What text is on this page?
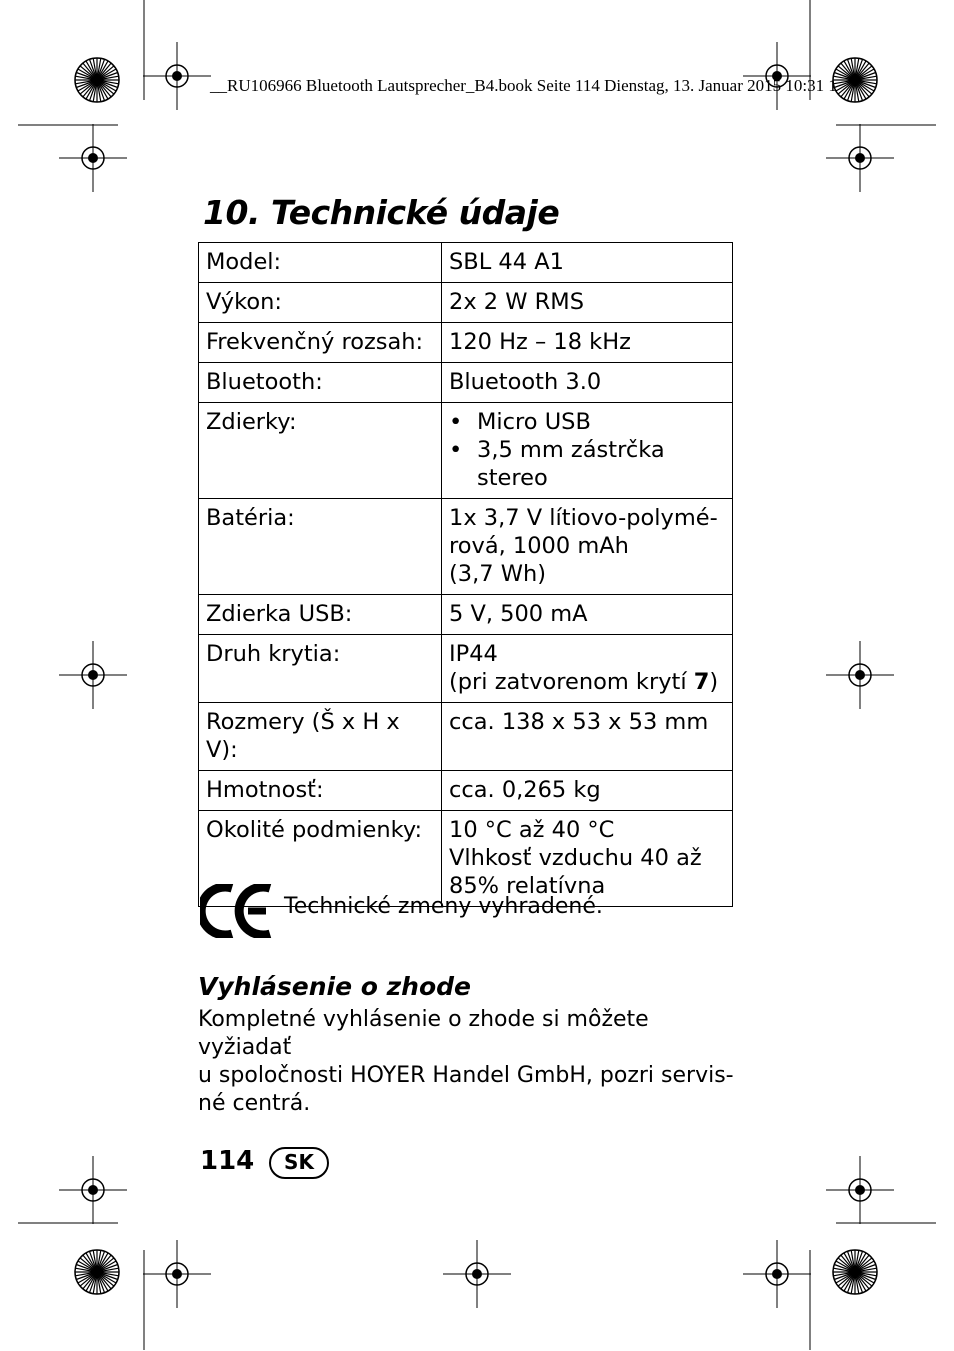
__RU106966 Bluetooth Lautsprecher_B4.book Seite 114 Dienstag, 13. Januar 2015 10:31 1
10. Technické údaje
Model:	SBL 44 A1

Výkon:	2x 2 W RMS

Frekvenčný rozsah:	120 Hz – 18 kHz

Bluetooth:	Bluetooth 3.0

Zdierky:	• Micro USB
• 3,5 mm zástrčka stereo

Batéria:	1x 3,7 V lítiovo-polymé-
rová, 1000 mAh
(3,7 Wh)

Zdierka USB:	5 V, 500 mA

Druh krytia:	IP44
(pri zatvorenom krytí 7)

Rozmery (Š x H x V):	cca. 138 x 53 x 53 mm

Hmotnosť:	cca. 0,265 kg

Okolité podmienky:	10 °C až 40 °C
Vlhkosť vzduchu 40 až
85% relatívna
Technické zmeny vyhradené.
Vyhlásenie o zhode
Kompletné vyhlásenie o zhode si môžete vyžiadať
u spoločnosti HOYER Handel GmbH, pozri servis-
né centrá.
114	SK
